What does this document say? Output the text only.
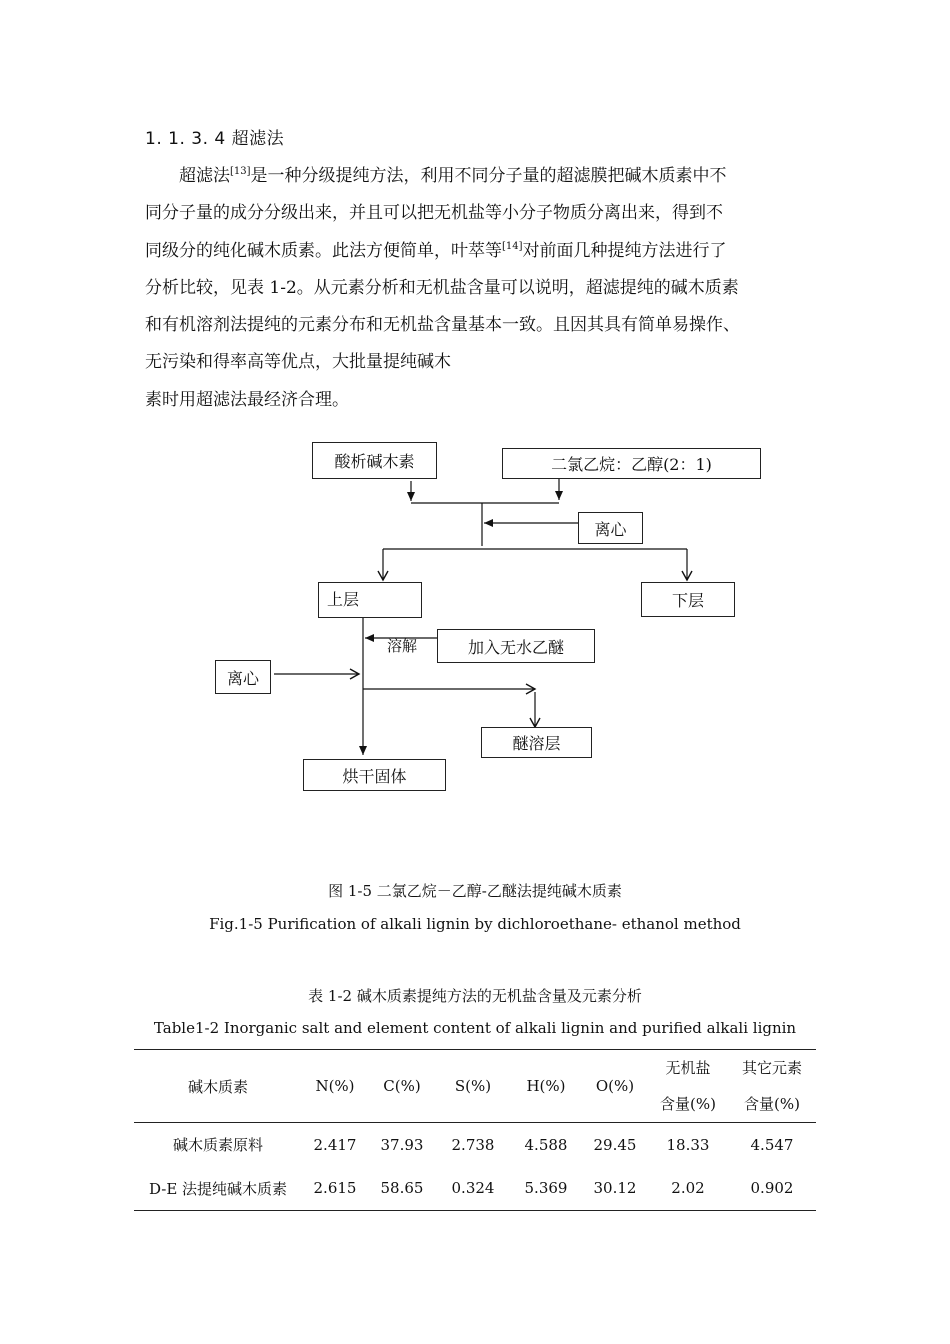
1. 1. 3. 4 超滤法
超滤法[13]是一种分级提纯方法，利用不同分子量的超滤膜把碱木质素中不
同分子量的成分分级出来，并且可以把无机盐等小分子物质分离出来，得到不
同级分的纯化碱木质素。此法方便简单，叶萃等[14]对前面几种提纯方法进行了
分析比较，见表 1-2。从元素分析和无机盐含量可以说明，超滤提纯的碱木质素
和有机溶剂法提纯的元素分布和无机盐含量基本一致。且因其具有简单易操作、
无污染和得率高等优点，大批量提纯碱木
素时用超滤法最经济合理。
酸析碱木素	二氯乙烷：乙醇(2：1)
离心
上层	下层
溶解	加入无水乙醚
离心
醚溶层
烘干固体
图 1-5 二氯乙烷－乙醇-乙醚法提纯碱木质素
Fig.1-5 Purification of alkali lignin by dichloroethane- ethanol method
表 1-2 碱木质素提纯方法的无机盐含量及元素分析
Table1-2 Inorganic salt and element content of alkali lignin and purified alkali lignin
碱木质素	N(%)	C(%)	S(%)	H(%)	O(%)	无机盐	其它元素
						含量(%)	含量(%)
碱木质素原料	2.417	37.93	2.738	4.588	29.45	18.33	4.547
D-E 法提纯碱木质素	2.615	58.65	0.324	5.369	30.12	2.02	0.902
